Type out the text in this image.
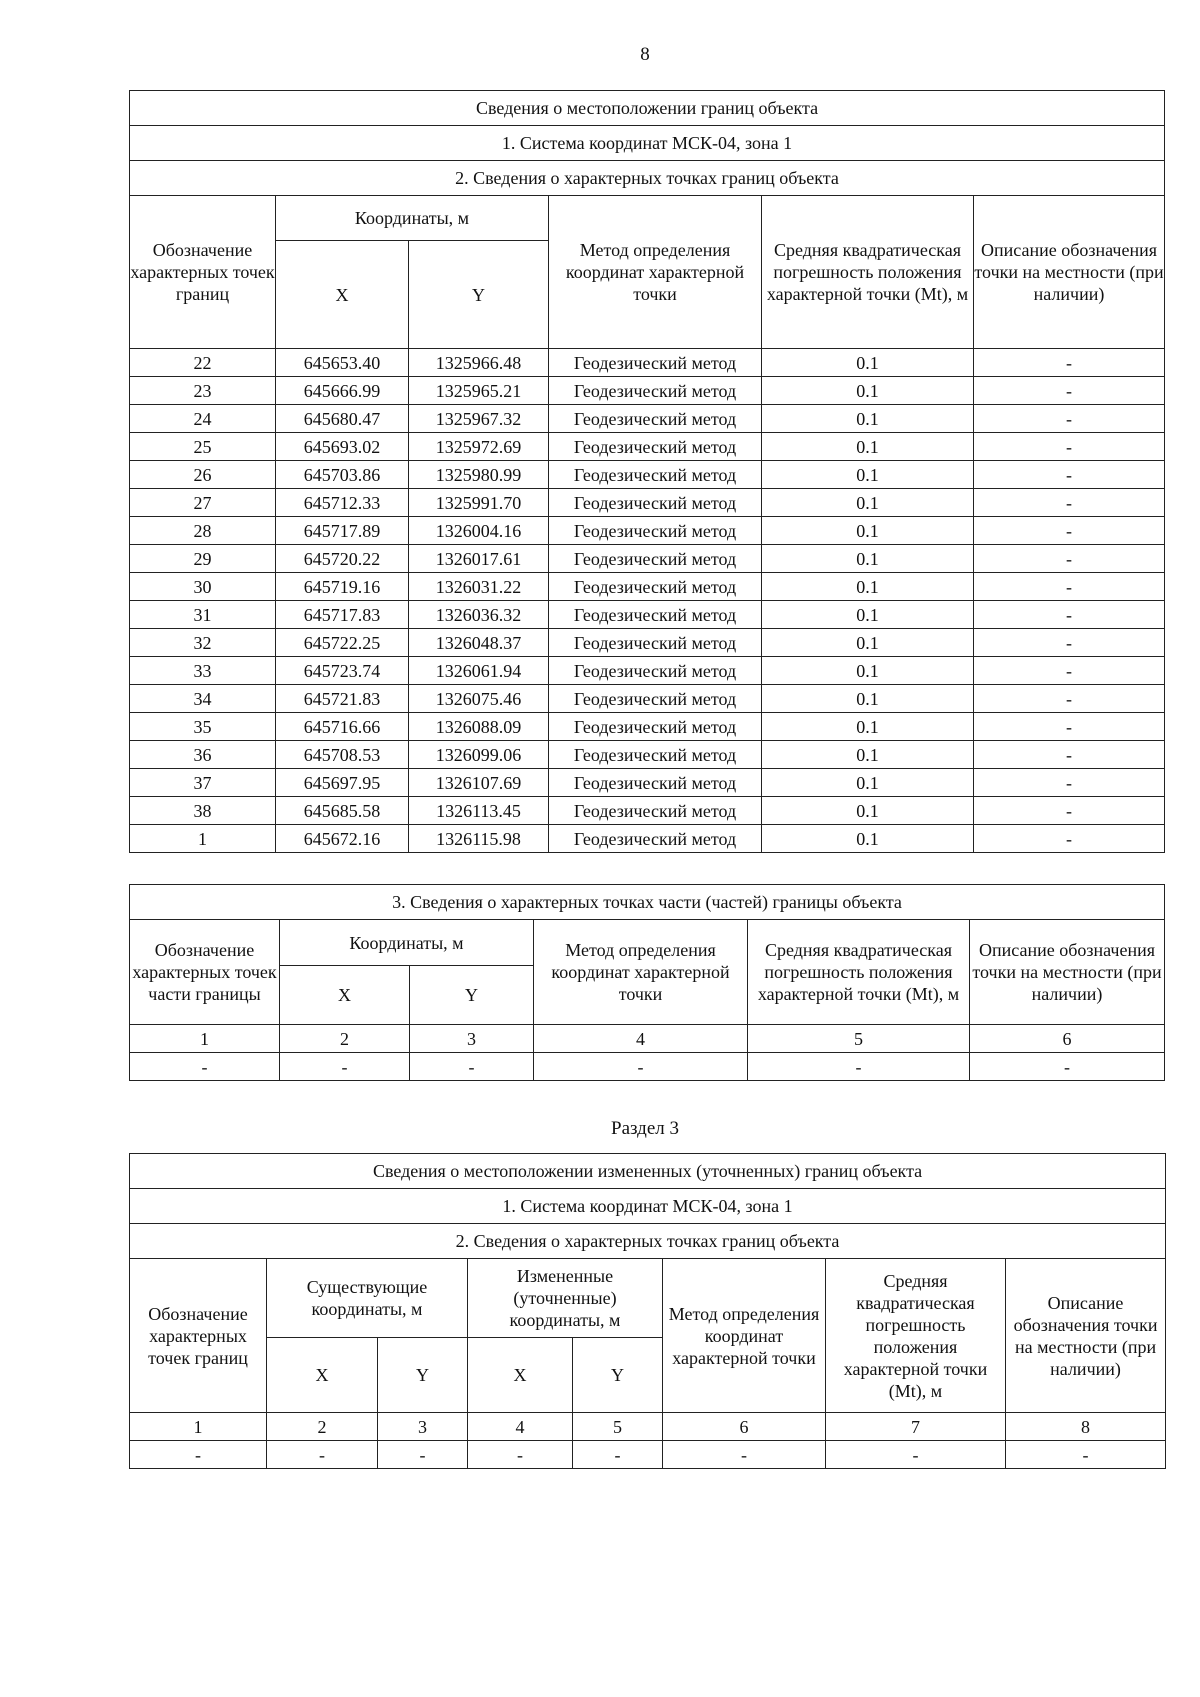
8
Сведения о местоположении границ объекта					
1. Система координат МСК-04, зона 1					
2. Сведения о характерных точках границ объекта					
Обозначение характерных точек границ	Координаты, м		Метод определения координат характерной точки	Средняя квадратическая погрешность положения характерной точки (Mt), м	Описание обозначения точки на местности (при наличии)
	X	Y			
22	645653.40	1325966.48	Геодезический метод	0.1	-
23	645666.99	1325965.21	Геодезический метод	0.1	-
24	645680.47	1325967.32	Геодезический метод	0.1	-
25	645693.02	1325972.69	Геодезический метод	0.1	-
26	645703.86	1325980.99	Геодезический метод	0.1	-
27	645712.33	1325991.70	Геодезический метод	0.1	-
28	645717.89	1326004.16	Геодезический метод	0.1	-
29	645720.22	1326017.61	Геодезический метод	0.1	-
30	645719.16	1326031.22	Геодезический метод	0.1	-
31	645717.83	1326036.32	Геодезический метод	0.1	-
32	645722.25	1326048.37	Геодезический метод	0.1	-
33	645723.74	1326061.94	Геодезический метод	0.1	-
34	645721.83	1326075.46	Геодезический метод	0.1	-
35	645716.66	1326088.09	Геодезический метод	0.1	-
36	645708.53	1326099.06	Геодезический метод	0.1	-
37	645697.95	1326107.69	Геодезический метод	0.1	-
38	645685.58	1326113.45	Геодезический метод	0.1	-
1	645672.16	1326115.98	Геодезический метод	0.1	-
3. Сведения о характерных точках части (частей) границы объекта					
Обозначение характерных точек части границы	Координаты, м		Метод определения координат характерной точки	Средняя квадратическая погрешность положения характерной точки (Mt), м	Описание обозначения точки на местности (при наличии)
	X	Y			
1	2	3	4	5	6
-	-	-	-	-	-
Раздел 3
Сведения о местоположении измененных (уточненных) границ объекта							
1. Система координат МСК-04, зона 1							
2. Сведения о характерных точках границ объекта							
Обозначение характерных точек границ	Существующие координаты, м		Измененные (уточненные) координаты, м		Метод определения координат характерной точки	Средняя квадратическая погрешность положения характерной точки (Mt), м	Описание обозначения точки на местности (при наличии)
	X	Y	X	Y			
1	2	3	4	5	6	7	8
-	-	-	-	-	-	-	-
